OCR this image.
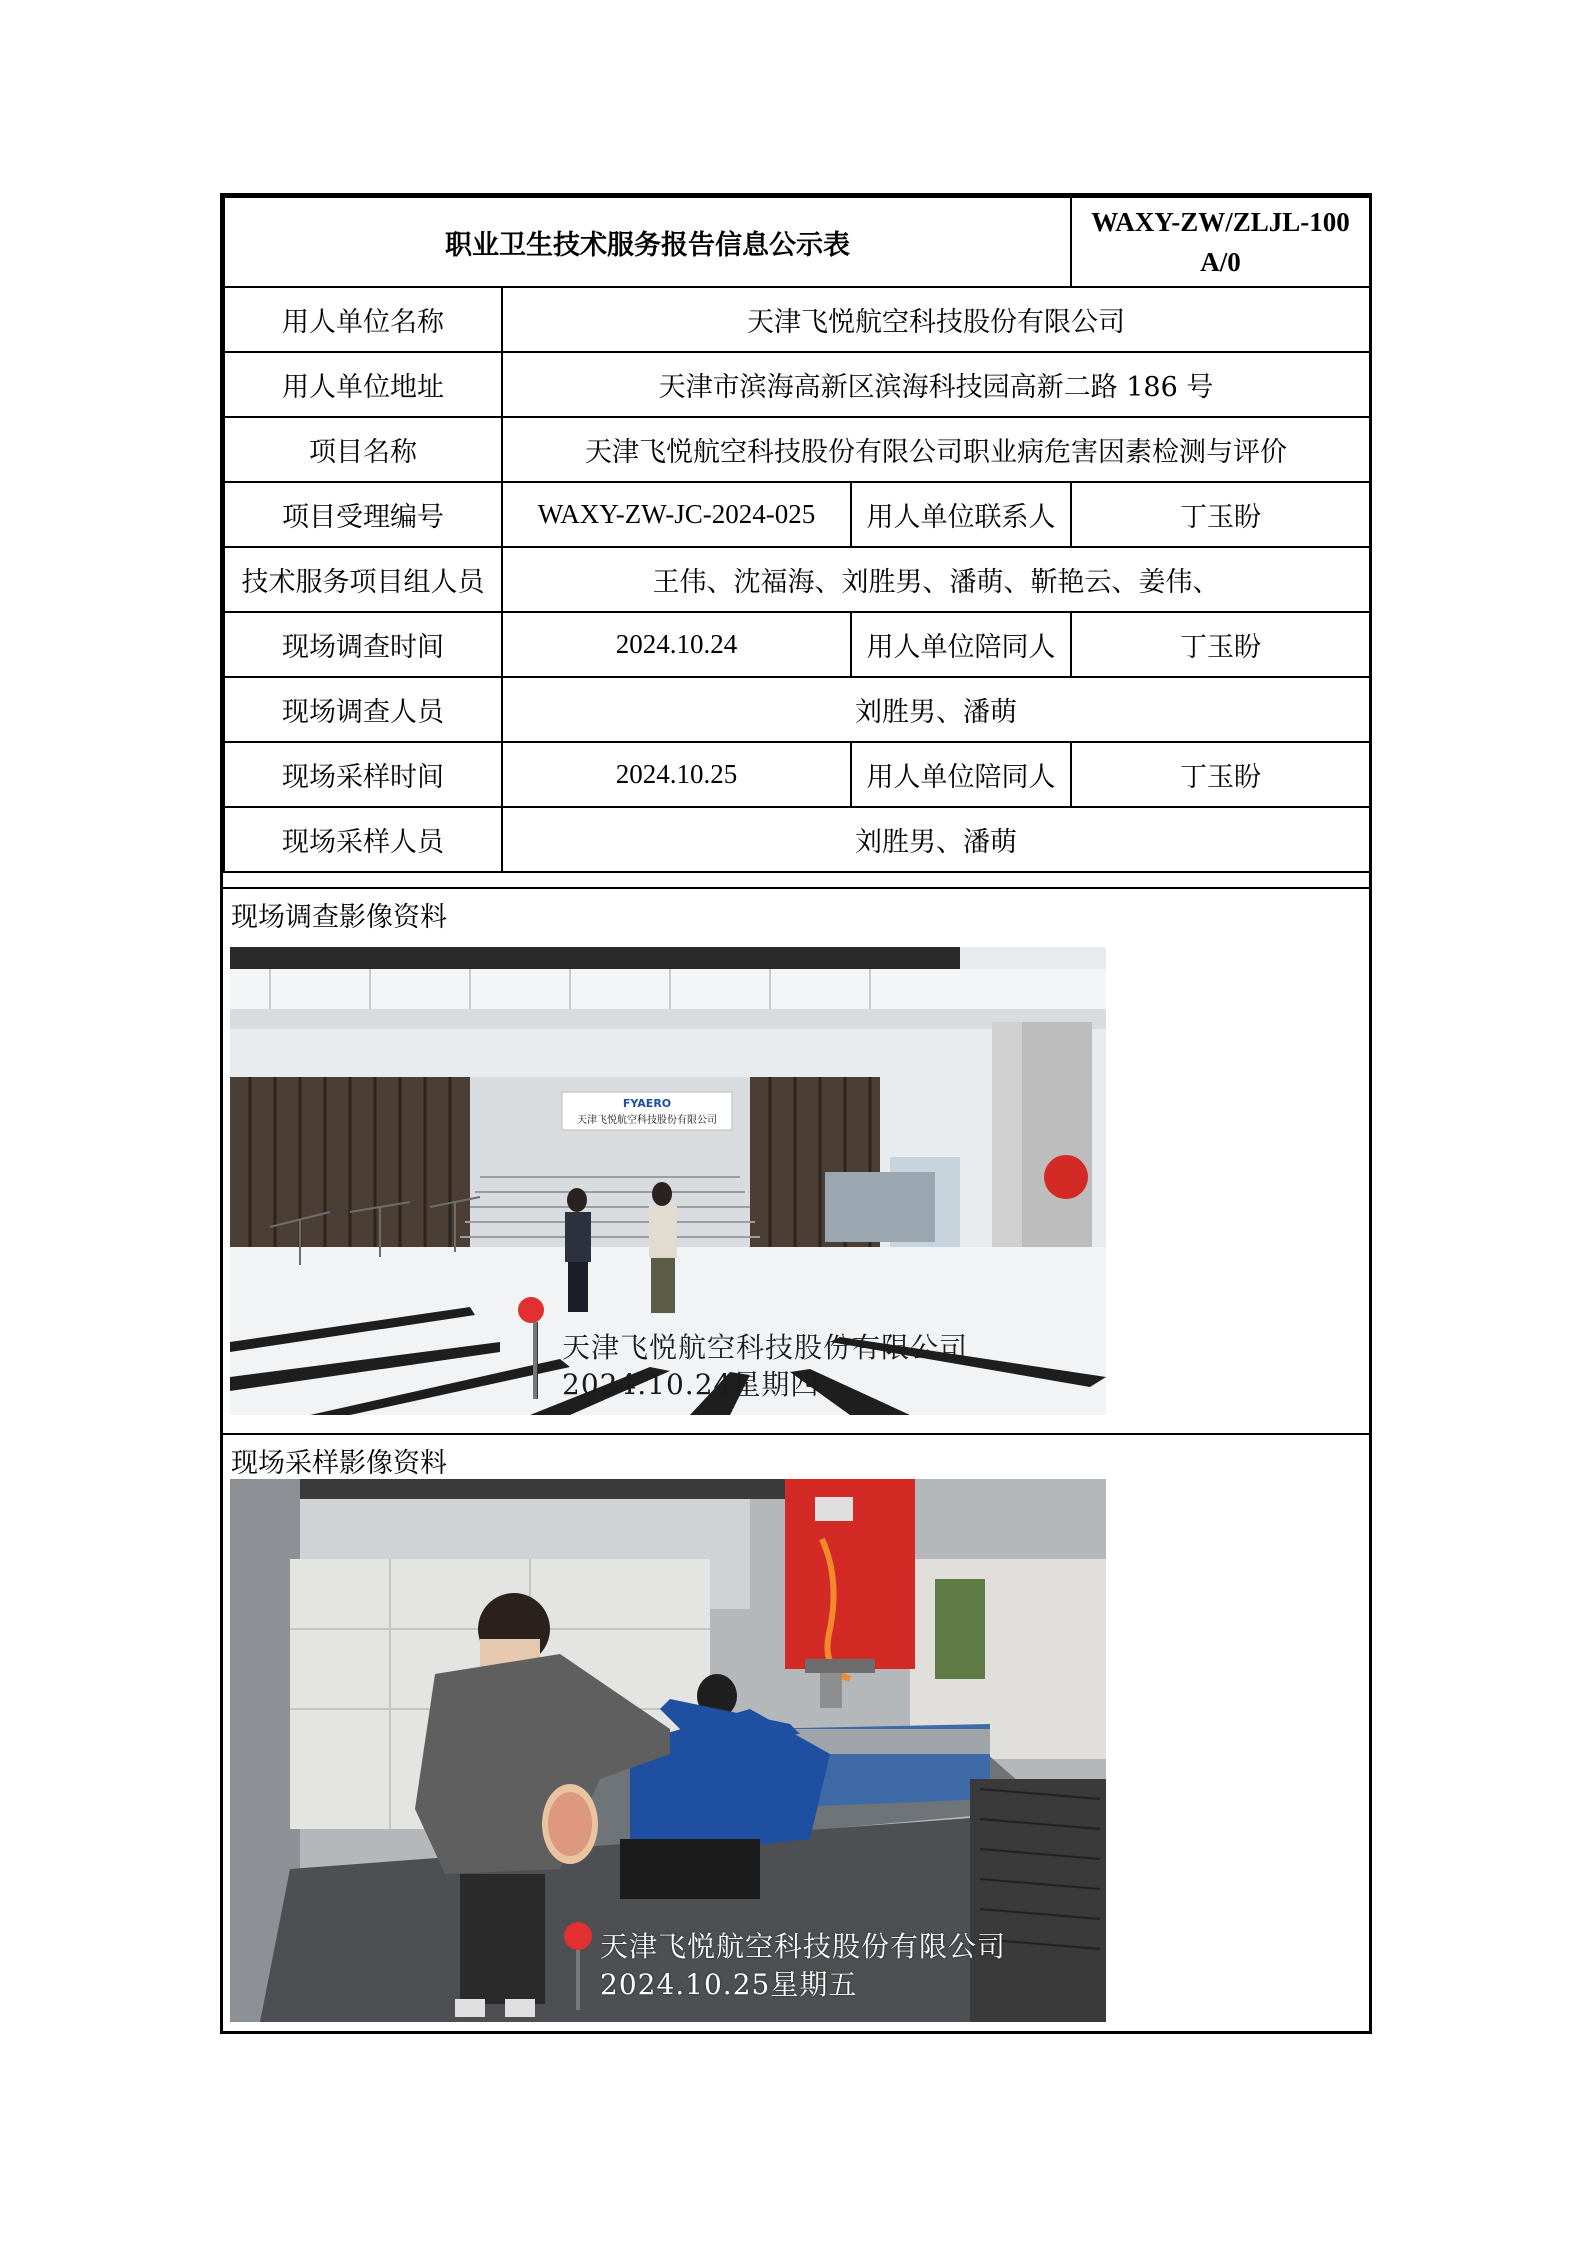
职业卫生技术服务报告信息公示表			WAXY-ZW/ZLJL-100 A/0
用人单位名称	天津飞悦航空科技股份有限公司		
用人单位地址	天津市滨海高新区滨海科技园高新二路 186 号		
项目名称	天津飞悦航空科技股份有限公司职业病危害因素检测与评价		
项目受理编号	WAXY-ZW-JC-2024-025	用人单位联系人	丁玉盼
技术服务项目组人员	王伟、沈福海、刘胜男、潘萌、靳艳云、姜伟、		
现场调查时间	2024.10.24	用人单位陪同人	丁玉盼
现场调查人员	刘胜男、潘萌		
现场采样时间	2024.10.25	用人单位陪同人	丁玉盼
现场采样人员	刘胜男、潘萌		
现场调查影像资料
FYAERO
天津飞悦航空科技股份有限公司
天津飞悦航空科技股份有限公司
2024.10.24星期四
现场采样影像资料
天津飞悦航空科技股份有限公司
2024.10.25星期五
